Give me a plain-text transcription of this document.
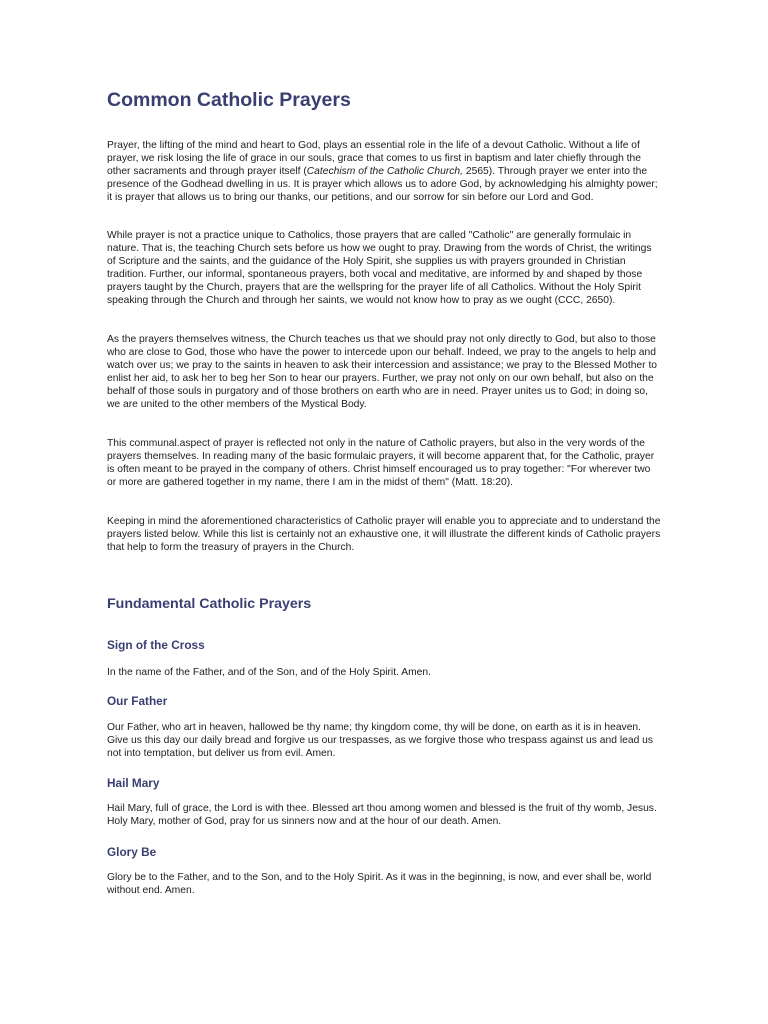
Common Catholic Prayers

Prayer, the lifting of the mind and heart to God, plays an essential role in the life of a devout Catholic. Without a life of prayer, we risk losing the life of grace in our souls, grace that comes to us first in baptism and later chiefly through the other sacraments and through prayer itself (Catechism of the Catholic Church, 2565). Through prayer we enter into the presence of the Godhead dwelling in us. It is prayer which allows us to adore God, by acknowledging his almighty power; it is prayer that allows us to bring our thanks, our petitions, and our sorrow for sin before our Lord and God.

While prayer is not a practice unique to Catholics, those prayers that are called "Catholic" are generally formulaic in nature. That is, the teaching Church sets before us how we ought to pray. Drawing from the words of Christ, the writings of Scripture and the saints, and the guidance of the Holy Spirit, she supplies us with prayers grounded in Christian tradition. Further, our informal, spontaneous prayers, both vocal and meditative, are informed by and shaped by those prayers taught by the Church, prayers that are the wellspring for the prayer life of all Catholics. Without the Holy Spirit speaking through the Church and through her saints, we would not know how to pray as we ought (CCC, 2650).

As the prayers themselves witness, the Church teaches us that we should pray not only directly to God, but also to those who are close to God, those who have the power to intercede upon our behalf. Indeed, we pray to the angels to help and watch over us; we pray to the saints in heaven to ask their intercession and assistance; we pray to the Blessed Mother to enlist her aid, to ask her to beg her Son to hear our prayers. Further, we pray not only on our own behalf, but also on the behalf of those souls in purgatory and of those brothers on earth who are in need. Prayer unites us to God; in doing so, we are united to the other members of the Mystical Body.

This communal.aspect of prayer is reflected not only in the nature of Catholic prayers, but also in the very words of the prayers themselves. In reading many of the basic formulaic prayers, it will become apparent that, for the Catholic, prayer is often meant to be prayed in the company of others. Christ himself encouraged us to pray together: "For wherever two or more are gathered together in my name, there I am in the midst of them" (Matt. 18:20).

Keeping in mind the aforementioned characteristics of Catholic prayer will enable you to appreciate and to understand the prayers listed below. While this list is certainly not an exhaustive one, it will illustrate the different kinds of Catholic prayers that help to form the treasury of prayers in the Church.

Fundamental Catholic Prayers
Sign of the Cross

In the name of the Father, and of the Son, and of the Holy Spirit. Amen.

Our Father

Our Father, who art in heaven, hallowed be thy name; thy kingdom come, thy will be done, on earth as it is in heaven. Give us this day our daily bread and forgive us our trespasses, as we forgive those who trespass against us and lead us not into temptation, but deliver us from evil. Amen.

Hail Mary

Hail Mary, full of grace, the Lord is with thee. Blessed art thou among women and blessed is the fruit of thy womb, Jesus. Holy Mary, mother of God, pray for us sinners now and at the hour of our death. Amen.

Glory Be

Glory be to the Father, and to the Son, and to the Holy Spirit. As it was in the beginning, is now, and ever shall be, world without end. Amen.
